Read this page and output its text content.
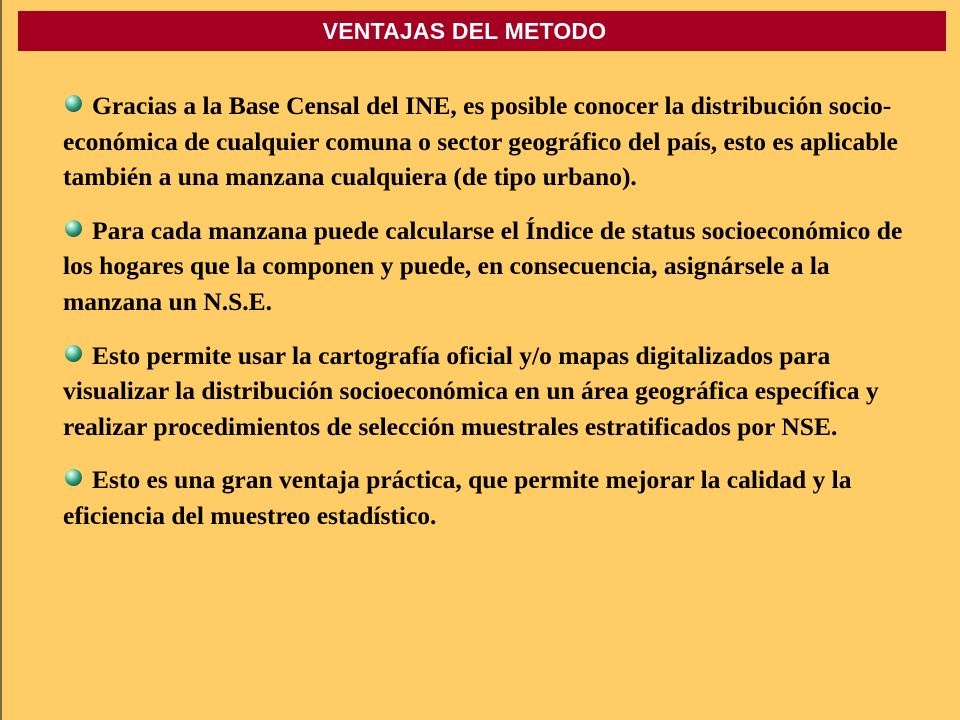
VENTAJAS DEL METODO

Gracias a la Base Censal del INE, es posible conocer la distribución socio-económica de cualquier comuna o sector geográfico del país, esto es aplicable también a una manzana cualquiera (de tipo urbano).

Para cada manzana puede calcularse el Índice de status socioeconómico de los hogares que la componen y puede, en consecuencia, asignársele a la manzana un N.S.E.

Esto permite usar la cartografía oficial y/o mapas digitalizados para visualizar la distribución socioeconómica en un área geográfica específica y realizar procedimientos de selección muestrales estratificados por NSE.

Esto es una gran ventaja práctica, que permite mejorar la calidad y la eficiencia del muestreo estadístico.
